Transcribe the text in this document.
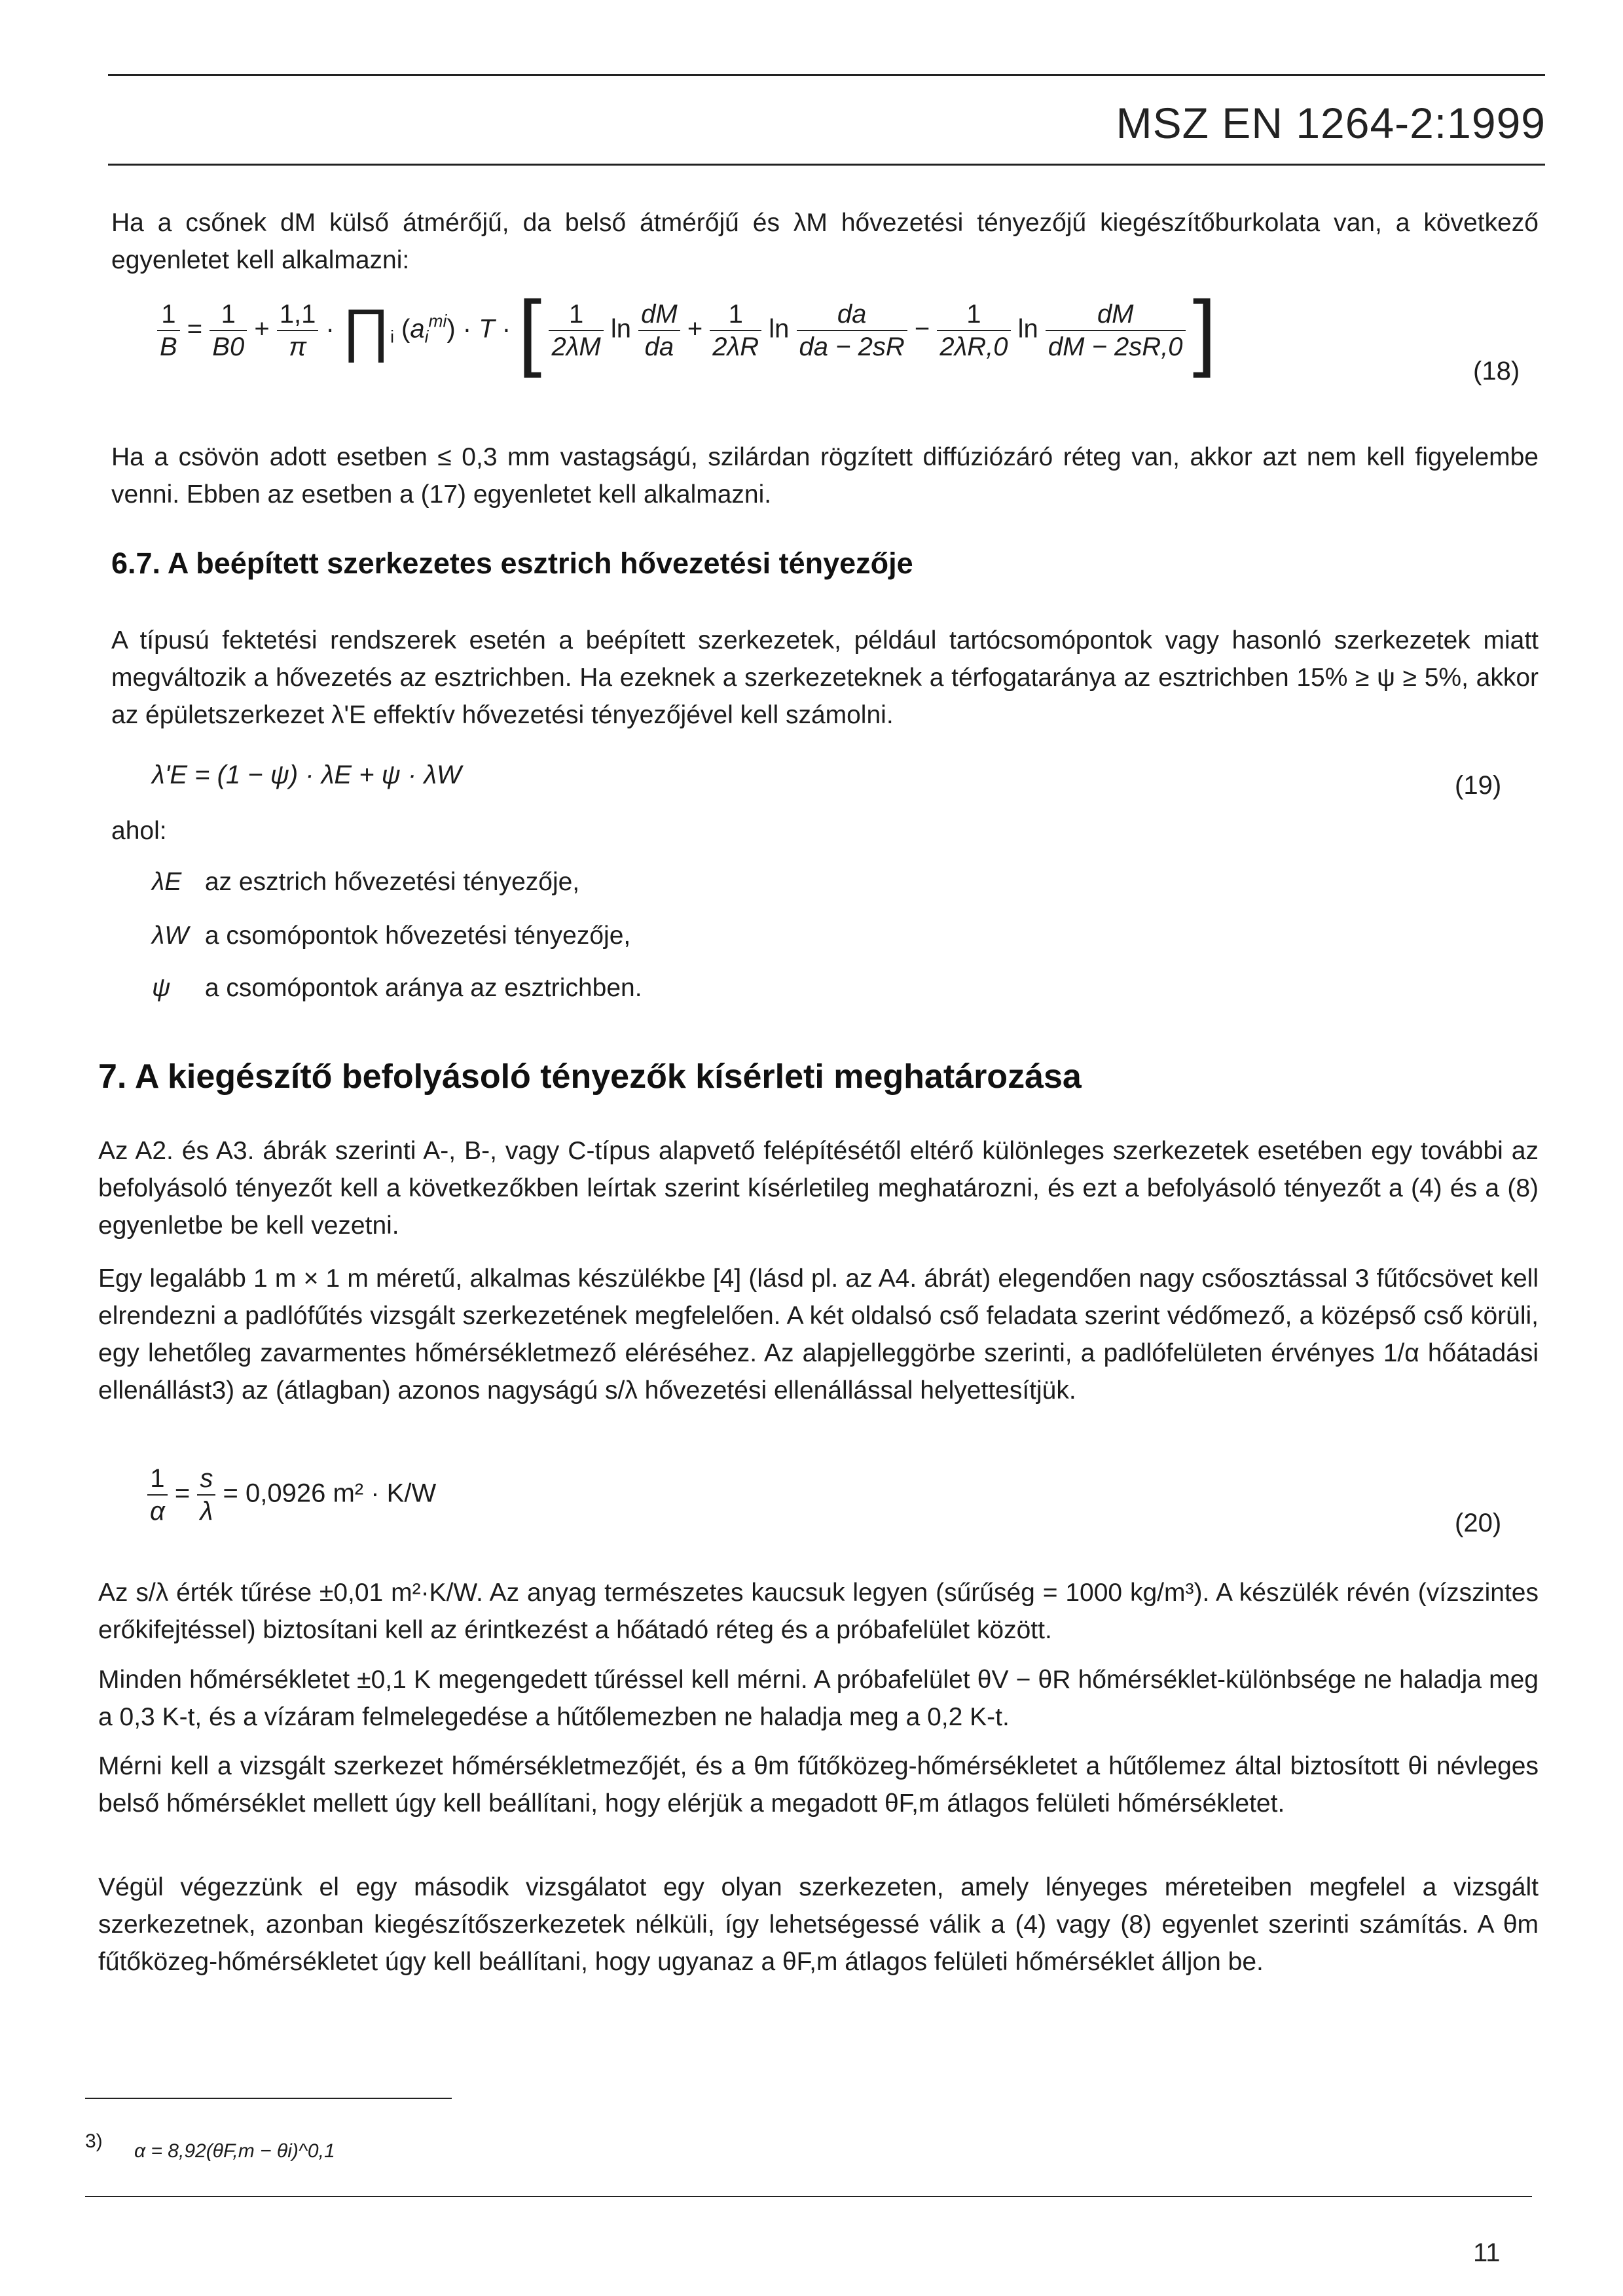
MSZ EN 1264-2:1999
Ha a csőnek dM külső átmérőjű, da belső átmérőjű és λM hővezetési tényezőjű kiegészítőburkolata van, a következő egyenletet kell alkalmazni:
$\frac{1}{B} = \frac{1}{B0} + \frac{1,1}{\pi}$ · $\prod_i$ $(a_i^{mi}) \cdot T$ · [ $\frac{1}{2\lambda M}$ $\ln \frac{dM}{da} + \frac{1}{2\lambda R}$ $\ln \frac{da}{da - 2sR} - \frac{1}{2\lambda R,0}$ $\ln \frac{dM}{dM - 2sR,0}$ ]	(18)
Ha a csövön adott esetben ≤ 0,3 mm vastagságú, szilárdan rögzített diffúziózáró réteg van, akkor azt nem kell figyelembe venni. Ebben az esetben a (17) egyenletet kell alkalmazni.
6.7. A beépített szerkezetes esztrich hővezetési tényezője
A típusú fektetési rendszerek esetén a beépített szerkezetek, például tartócsomópontok vagy hasonló szerkezetek miatt megváltozik a hővezetés az esztrichben. Ha ezeknek a szerkezeteknek a térfogataránya az esztrichben 15% ≥ ψ ≥ 5%, akkor az épületszerkezet λ'E effektív hővezetési tényezőjével kell számolni.
λ'E = (1 − ψ) · λE + ψ · λW	(19)
ahol:
λE az esztrich hővezetési tényezője,
λW a csomópontok hővezetési tényezője,
ψ a csomópontok aránya az esztrichben.
7. A kiegészítő befolyásoló tényezők kísérleti meghatározása
Az A2. és A3. ábrák szerinti A-, B-, vagy C-típus alapvető felépítésétől eltérő különleges szerkezetek esetében egy további az befolyásoló tényezőt kell a következőkben leírtak szerint kísérletileg meghatározni, és ezt a befolyásoló tényezőt a (4) és a (8) egyenletbe be kell vezetni.
Egy legalább 1 m × 1 m méretű, alkalmas készülékbe [4] (lásd pl. az A4. ábrát) elegendően nagy csőosztással 3 fűtőcsövet kell elrendezni a padlófűtés vizsgált szerkezetének megfelelően. A két oldalsó cső feladata szerint védőmező, a középső cső körüli, egy lehetőleg zavarmentes hőmérsékletmező eléréséhez. Az alapjelleggörbe szerinti, a padlófelületen érvényes 1/α hőátadási ellenállást3) az (átlagban) azonos nagyságú s/λ hővezetési ellenállással helyettesítjük.
$\frac{1}{\alpha} = \frac{s}{\lambda} = 0,0926$ m² · K/W
(20)
Az s/λ érték tűrése ±0,01 m²·K/W. Az anyag természetes kaucsuk legyen (sűrűség = 1000 kg/m³). A készülék révén (vízszintes erőkifejtéssel) biztosítani kell az érintkezést a hőátadó réteg és a próbafelület között.
Minden hőmérsékletet ±0,1 K megengedett tűréssel kell mérni. A próbafelület θV − θR hőmérséklet-különbsége ne haladja meg a 0,3 K-t, és a vízáram felmelegedése a hűtőlemezben ne haladja meg a 0,2 K-t.
Mérni kell a vizsgált szerkezet hőmérsékletmezőjét, és a θm fűtőközeg-hőmérsékletet a hűtőlemez által biztosított θi névleges belső hőmérséklet mellett úgy kell beállítani, hogy elérjük a megadott θF,m átlagos felületi hőmérsékletet.
Végül végezzünk el egy második vizsgálatot egy olyan szerkezeten, amely lényeges méreteiben megfelel a vizsgált szerkezetnek, azonban kiegészítőszerkezetek nélküli, így lehetségessé válik a (4) vagy (8) egyenlet szerinti számítás. A θm fűtőközeg-hőmérsékletet úgy kell beállítani, hogy ugyanaz a θF,m átlagos felületi hőmérséklet álljon be.
3) α = 8,92(θF,m − θi)^0,1
11
